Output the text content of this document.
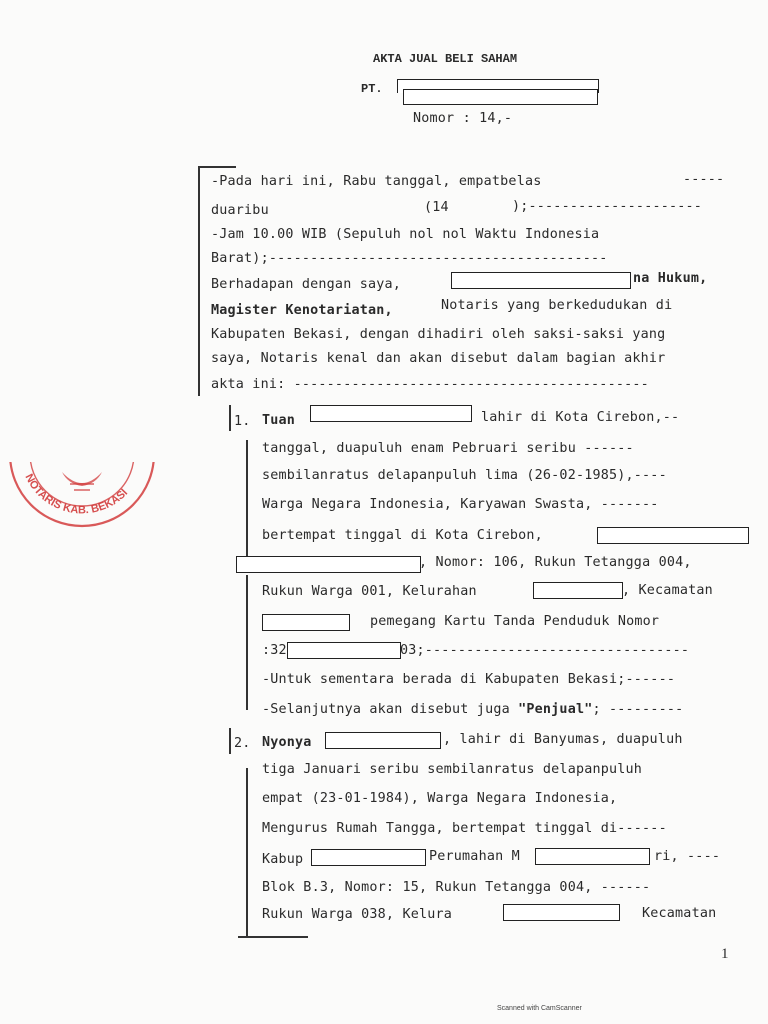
AKTA JUAL BELI SAHAM
PT.
Nomor : 14,-
-Pada hari ini, Rabu tanggal, empatbelas	-----
duaribu	(14	);---------------------
-Jam 10.00 WIB (Sepuluh nol nol Waktu Indonesia
Barat);-----------------------------------------
Berhadapan dengan saya,	na Hukum,
Magister Kenotariatan,	Notaris yang berkedudukan di
Kabupaten Bekasi, dengan dihadiri oleh saksi-saksi yang
saya, Notaris kenal dan akan disebut dalam bagian akhir
akta ini: -------------------------------------------
1. Tuan	lahir di Kota Cirebon,--
tanggal, duapuluh enam Pebruari seribu ------
sembilanratus delapanpuluh lima (26-02-1985),----
Warga Negara Indonesia, Karyawan Swasta, -------
bertempat tinggal di Kota Cirebon,
, Nomor: 106, Rukun Tetangga 004,
Rukun Warga 001, Kelurahan	, Kecamatan
pemegang Kartu Tanda Penduduk Nomor
:32	03;--------------------------------
-Untuk sementara berada di Kabupaten Bekasi;------
-Selanjutnya akan disebut juga "Penjual"; ---------
2. Nyonya	, lahir di Banyumas, duapuluh
tiga Januari seribu sembilanratus delapanpuluh
empat (23-01-1984), Warga Negara Indonesia,
Mengurus Rumah Tangga, bertempat tinggal di------
Kabup	Perumahan M	ri, ----
Blok B.3, Nomor: 15, Rukun Tetangga 004, ------
Rukun Warga 038, Kelura	Kecamatan
NOTARIS KAB. BEKASI
1
Scanned with CamScanner
